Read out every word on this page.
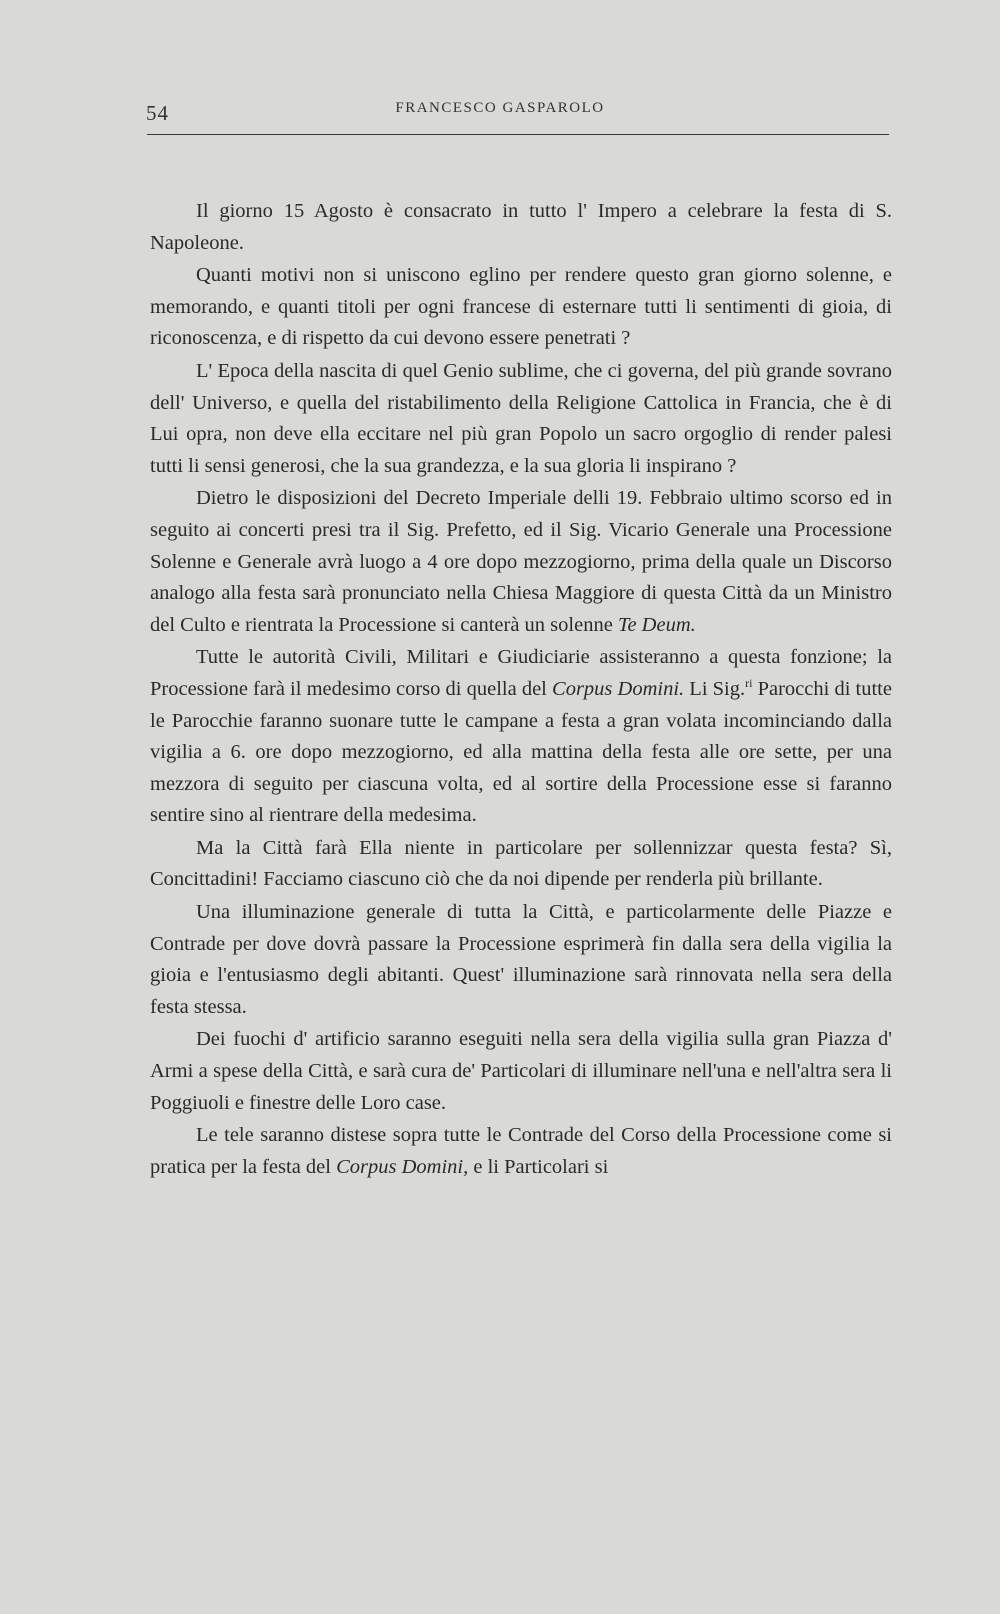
54	FRANCESCO GASPAROLO

Il giorno 15 Agosto è consacrato in tutto l' Impero a celebrare la festa di S. Napoleone.

Quanti motivi non si uniscono eglino per rendere questo gran giorno solenne, e memorando, e quanti titoli per ogni francese di esternare tutti li sentimenti di gioia, di riconoscenza, e di rispetto da cui devono essere penetrati ?

L' Epoca della nascita di quel Genio sublime, che ci governa, del più grande sovrano dell' Universo, e quella del ristabilimento della Religione Cattolica in Francia, che è di Lui opra, non deve ella eccitare nel più gran Popolo un sacro orgoglio di render palesi tutti li sensi generosi, che la sua grandezza, e la sua gloria li inspirano ?

Dietro le disposizioni del Decreto Imperiale delli 19. Febbraio ultimo scorso ed in seguito ai concerti presi tra il Sig. Prefetto, ed il Sig. Vicario Generale una Processione Solenne e Generale avrà luogo a 4 ore dopo mezzogiorno, prima della quale un Discorso analogo alla festa sarà pronunciato nella Chiesa Maggiore di questa Città da un Ministro del Culto e rientrata la Processione si canterà un solenne Te Deum.

Tutte le autorità Civili, Militari e Giudiciarie assisteranno a questa fonzione; la Processione farà il medesimo corso di quella del Corpus Domini. Li Sig.$^{ri}$ Parocchi di tutte le Parocchie faranno suonare tutte le campane a festa a gran volata incominciando dalla vigilia a 6. ore dopo mezzogiorno, ed alla mattina della festa alle ore sette, per una mezzora di seguito per ciascuna volta, ed al sortire della Processione esse si faranno sentire sino al rientrare della medesima.

Ma la Città farà Ella niente in particolare per sollennizzar questa festa? Sì, Concittadini! Facciamo ciascuno ciò che da noi dipende per renderla più brillante.

Una illuminazione generale di tutta la Città, e particolarmente delle Piazze e Contrade per dove dovrà passare la Processione esprimerà fin dalla sera della vigilia la gioia e l'entusiasmo degli abitanti. Quest' illuminazione sarà rinnovata nella sera della festa stessa.

Dei fuochi d' artificio saranno eseguiti nella sera della vigilia sulla gran Piazza d' Armi a spese della Città, e sarà cura de' Particolari di illuminare nell'una e nell'altra sera li Poggiuoli e finestre delle Loro case.

Le tele saranno distese sopra tutte le Contrade del Corso della Processione come si pratica per la festa del Corpus Domini, e li Particolari si
